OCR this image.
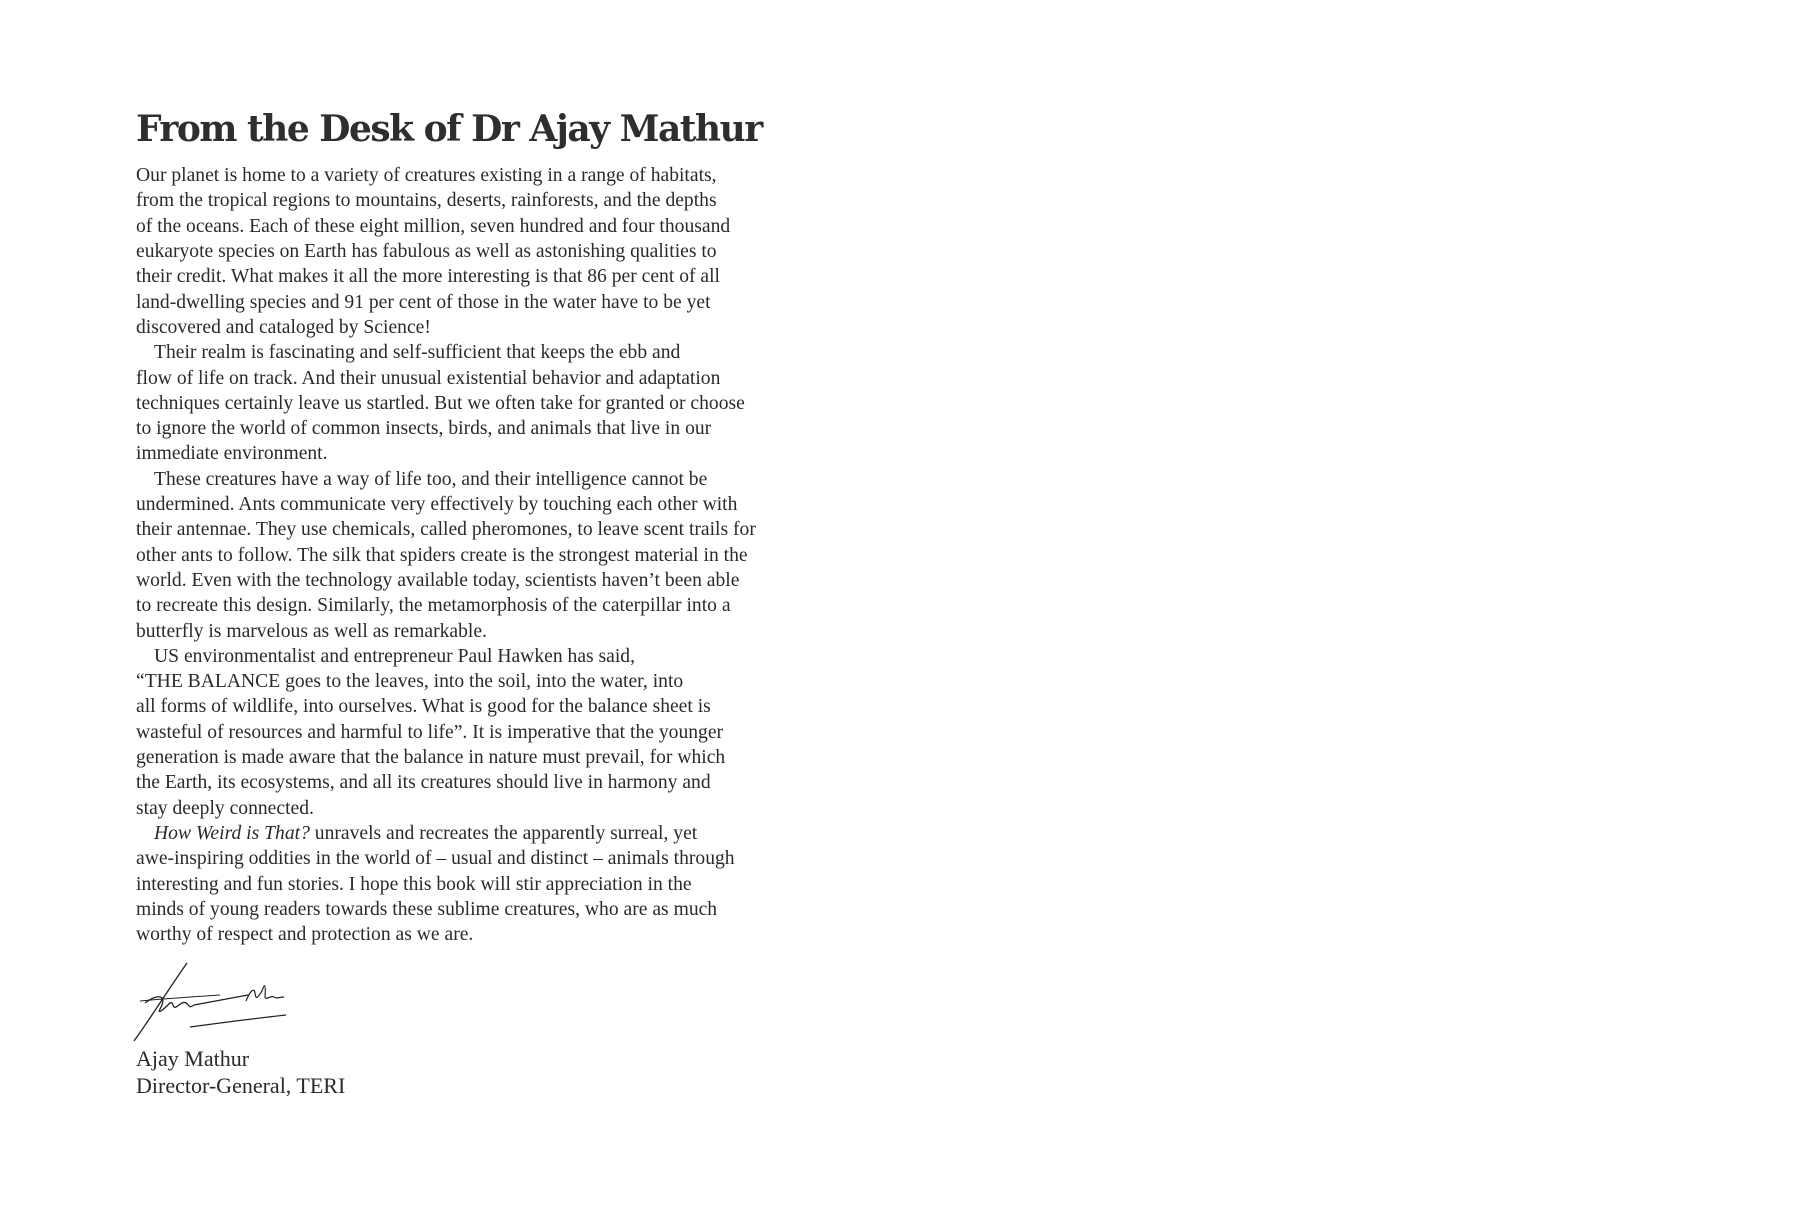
From the Desk of Dr Ajay Mathur

Our planet is home to a variety of creatures existing in a range of habitats,
from the tropical regions to mountains, deserts, rainforests, and the depths
of the oceans. Each of these eight million, seven hundred and four thousand
eukaryote species on Earth has fabulous as well as astonishing qualities to
their credit. What makes it all the more interesting is that 86 per cent of all
land-dwelling species and 91 per cent of those in the water have to be yet
discovered and cataloged by Science!

Their realm is fascinating and self-sufficient that keeps the ebb and
flow of life on track. And their unusual existential behavior and adaptation
techniques certainly leave us startled. But we often take for granted or choose
to ignore the world of common insects, birds, and animals that live in our
immediate environment.

These creatures have a way of life too, and their intelligence cannot be
undermined. Ants communicate very effectively by touching each other with
their antennae. They use chemicals, called pheromones, to leave scent trails for
other ants to follow. The silk that spiders create is the strongest material in the
world. Even with the technology available today, scientists haven’t been able
to recreate this design. Similarly, the metamorphosis of the caterpillar into a
butterfly is marvelous as well as remarkable.

US environmentalist and entrepreneur Paul Hawken has said,
“THE BALANCE goes to the leaves, into the soil, into the water, into
all forms of wildlife, into ourselves. What is good for the balance sheet is
wasteful of resources and harmful to life”. It is imperative that the younger
generation is made aware that the balance in nature must prevail, for which
the Earth, its ecosystems, and all its creatures should live in harmony and
stay deeply connected.

How Weird is That? unravels and recreates the apparently surreal, yet
awe-inspiring oddities in the world of – usual and distinct – animals through
interesting and fun stories. I hope this book will stir appreciation in the
minds of young readers towards these sublime creatures, who are as much
worthy of respect and protection as we are.

Ajay Mathur
Director-General, TERI
